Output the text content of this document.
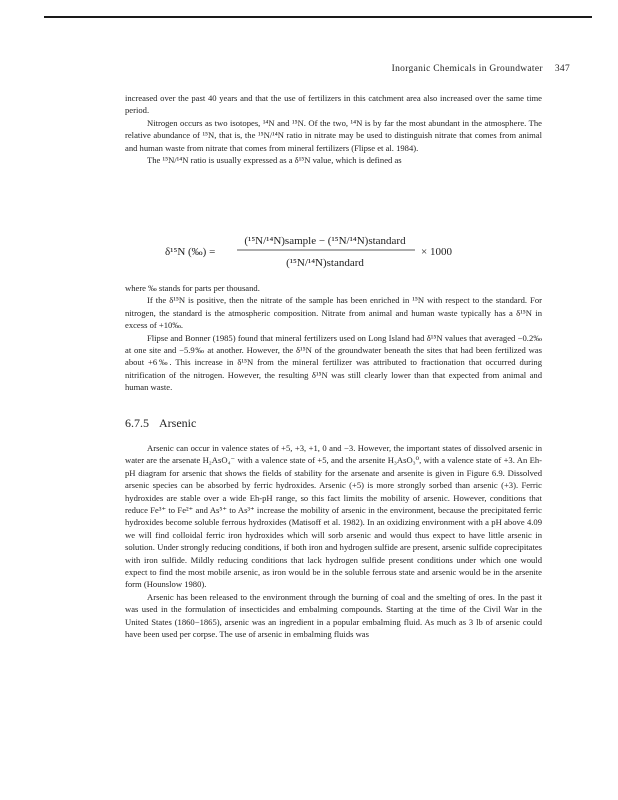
Inorganic Chemicals in Groundwater 347

increased over the past 40 years and that the use of fertilizers in this catchment area also increased over the same time period.

Nitrogen occurs as two isotopes, ¹⁴N and ¹⁵N. Of the two, ¹⁴N is by far the most abundant in the atmosphere. The relative abundance of ¹⁵N, that is, the ¹⁵N/¹⁴N ratio in nitrate may be used to distinguish nitrate that comes from animal and human waste from nitrate that comes from mineral fertilizers (Flipse et al. 1984).

The ¹⁵N/¹⁴N ratio is usually expressed as a δ¹⁵N value, which is defined as

δ¹⁵N (‰) =
(¹⁵N/¹⁴N)sample − (¹⁵N/¹⁴N)standard
(¹⁵N/¹⁴N)standard
× 1000

where ‰ stands for parts per thousand.

If the δ¹⁵N is positive, then the nitrate of the sample has been enriched in ¹⁵N with respect to the standard. For nitrogen, the standard is the atmospheric composition. Nitrate from animal and human waste typically has a δ¹⁵N in excess of +10‰.

Flipse and Bonner (1985) found that mineral fertilizers used on Long Island had δ¹⁵N values that averaged −0.2‰ at one site and −5.9‰ at another. However, the δ¹⁵N of the groundwater beneath the sites that had been fertilized was about +6‰. This increase in δ¹⁵N from the mineral fertilizer was attributed to fractionation that occurred during nitrification of the nitrogen. However, the resulting δ¹⁵N was still clearly lower than that expected from animal and human waste.

6.7.5 Arsenic

Arsenic can occur in valence states of +5, +3, +1, 0 and −3. However, the important states of dissolved arsenic in water are the arsenate H₂AsO₄⁻ with a valence state of +5, and the arsenite H₃AsO₃⁰, with a valence state of +3. An Eh-pH diagram for arsenic that shows the fields of stability for the arsenate and arsenite is given in Figure 6.9. Dissolved arsenic species can be absorbed by ferric hydroxides. Arsenic (+5) is more strongly sorbed than arsenic (+3). Ferric hydroxides are stable over a wide Eh-pH range, so this fact limits the mobility of arsenic. However, conditions that reduce Fe³⁺ to Fe²⁺ and As⁵⁺ to As³⁺ increase the mobility of arsenic in the environment, because the precipitated ferric hydroxides become soluble ferrous hydroxides (Matisoff et al. 1982). In an oxidizing environment with a pH above 4.09 we will find colloidal ferric iron hydroxides which will sorb arsenic and would thus expect to have little arsenic in solution. Under strongly reducing conditions, if both iron and hydrogen sulfide are present, arsenic sulfide coprecipitates with iron sulfide. Mildly reducing conditions that lack hydrogen sulfide present conditions under which one would expect to find the most mobile arsenic, as iron would be in the soluble ferrous state and arsenic would be in the arsenite form (Hounslow 1980).

Arsenic has been released to the environment through the burning of coal and the smelting of ores. In the past it was used in the formulation of insecticides and embalming compounds. Starting at the time of the Civil War in the United States (1860−1865), arsenic was an ingredient in a popular embalming fluid. As much as 3 lb of arsenic could have been used per corpse. The use of arsenic in embalming fluids was
